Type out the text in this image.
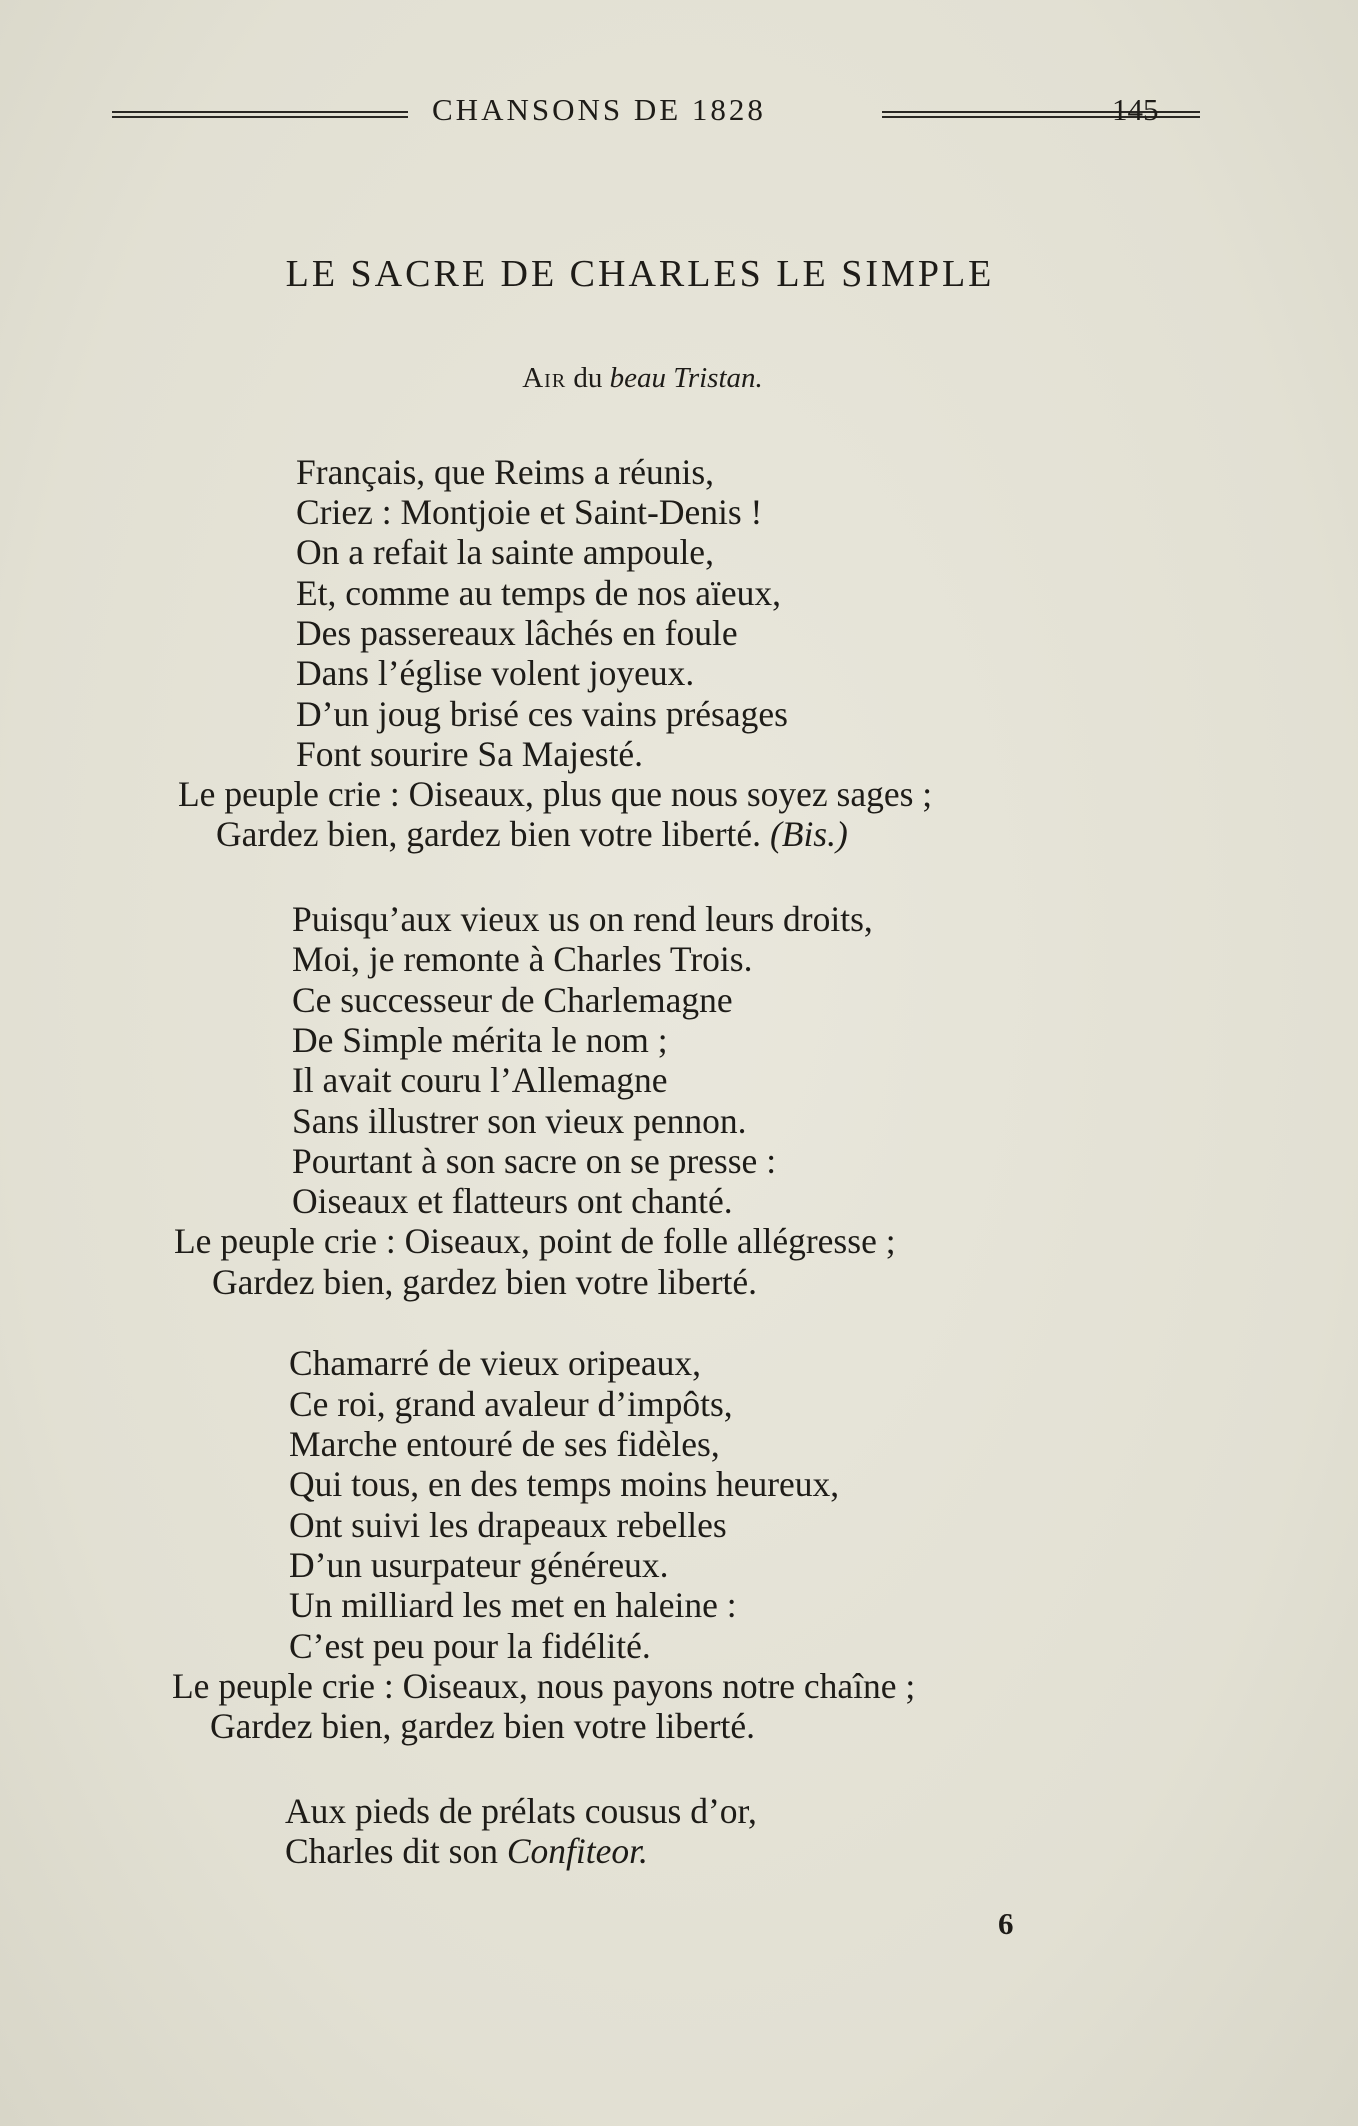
CHANSONS DE 1828	145
LE SACRE DE CHARLES LE SIMPLE
Air du beau Tristan.
Français, que Reims a réunis,
Criez : Montjoie et Saint-Denis !
On a refait la sainte ampoule,
Et, comme au temps de nos aïeux,
Des passereaux lâchés en foule
Dans l’église volent joyeux.
D’un joug brisé ces vains présages
Font sourire Sa Majesté.
Le peuple crie : Oiseaux, plus que nous soyez sages ;
Gardez bien, gardez bien votre liberté. (Bis.)
Puisqu’aux vieux us on rend leurs droits,
Moi, je remonte à Charles Trois.
Ce successeur de Charlemagne
De Simple mérita le nom ;
Il avait couru l’Allemagne
Sans illustrer son vieux pennon.
Pourtant à son sacre on se presse :
Oiseaux et flatteurs ont chanté.
Le peuple crie : Oiseaux, point de folle allégresse ;
Gardez bien, gardez bien votre liberté.
Chamarré de vieux oripeaux,
Ce roi, grand avaleur d’impôts,
Marche entouré de ses fidèles,
Qui tous, en des temps moins heureux,
Ont suivi les drapeaux rebelles
D’un usurpateur généreux.
Un milliard les met en haleine :
C’est peu pour la fidélité.
Le peuple crie : Oiseaux, nous payons notre chaîne ;
Gardez bien, gardez bien votre liberté.
Aux pieds de prélats cousus d’or,
Charles dit son Confiteor.
6
